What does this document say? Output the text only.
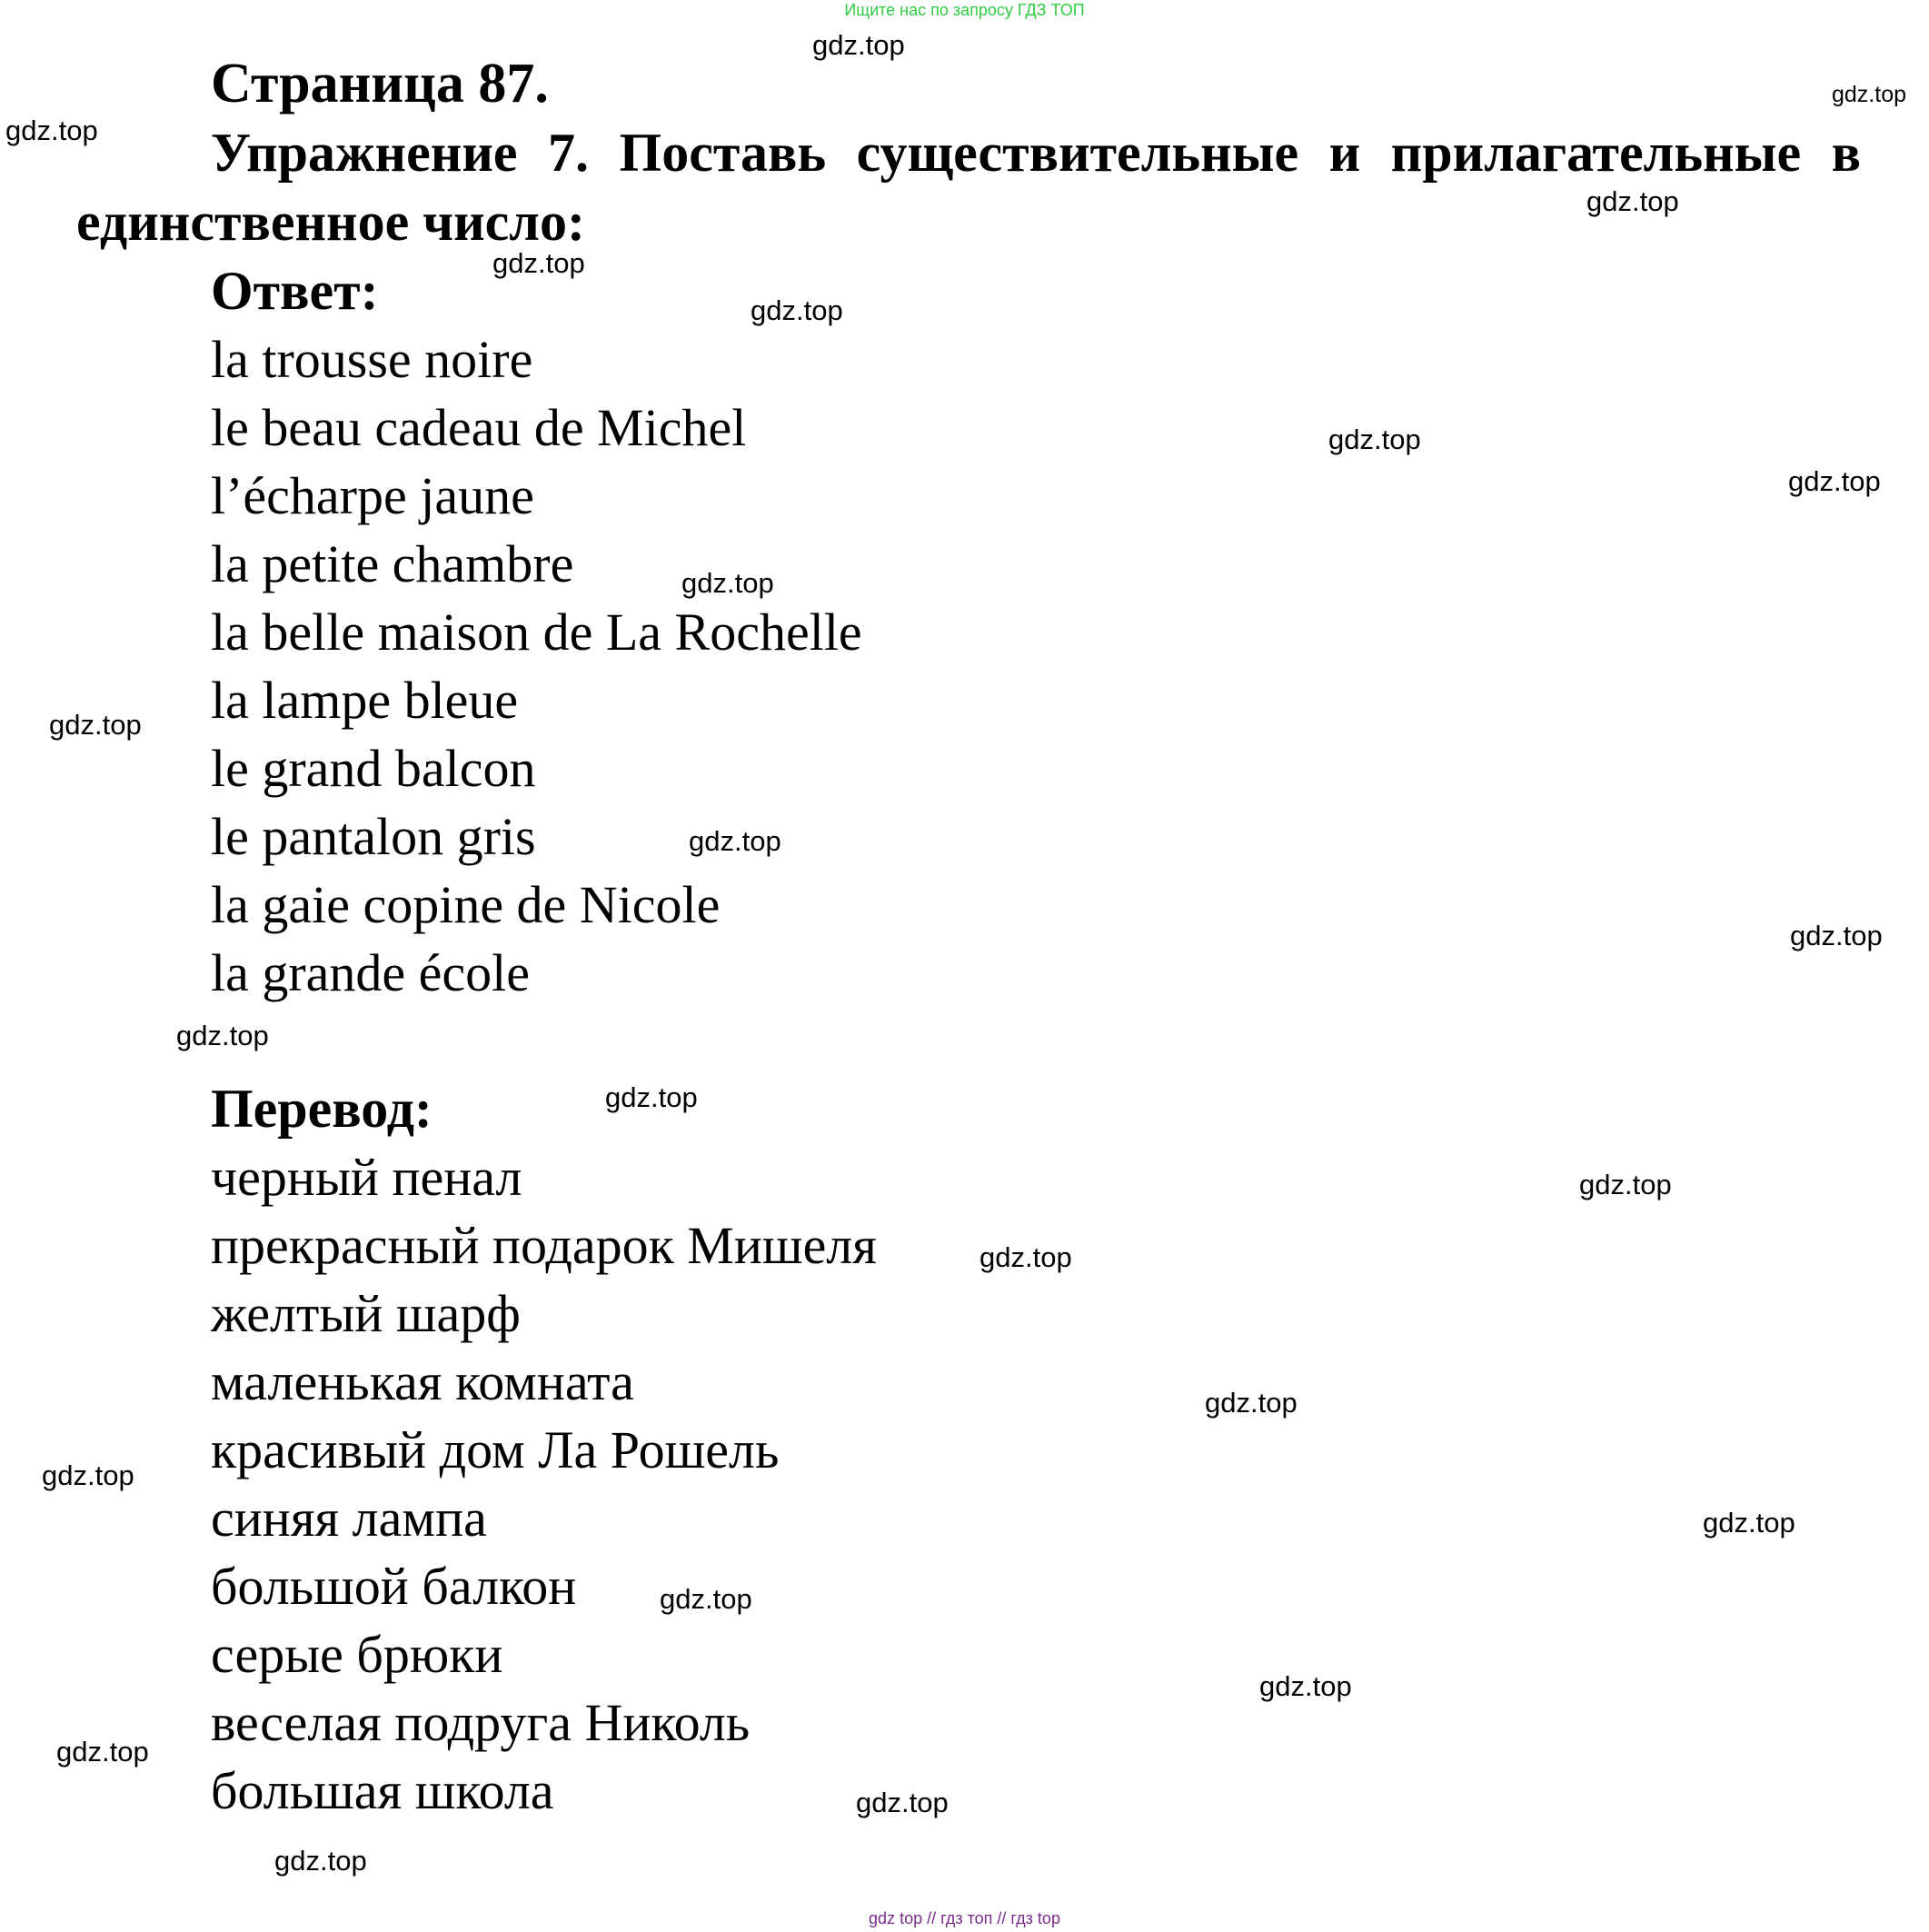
Ищите нас по запросу ГДЗ ТОП
Страница 87.
Упражнение 7. Поставь существительные и прилагательные в
единственное число:
Ответ:
la trousse noire
le beau cadeau de Michel
l’écharpe jaune
la petite chambre
la belle maison de La Rochelle
la lampe bleue
le grand balcon
le pantalon gris
la gaie copine de Nicole
la grande école
Перевод:
черный пенал
прекрасный подарок Мишеля
желтый шарф
маленькая комната
красивый дом Ла Рошель
синяя лампа
большой балкон
серые брюки
веселая подруга Николь
большая школа
gdz.top
gdz.top
gdz.top
gdz.top
gdz.top
gdz.top
gdz.top
gdz.top
gdz.top
gdz.top
gdz.top
gdz.top
gdz.top
gdz.top
gdz.top
gdz.top
gdz.top
gdz.top
gdz.top
gdz.top
gdz.top
gdz.top
gdz.top
gdz.top
gdz top // гдз топ // гдз top
